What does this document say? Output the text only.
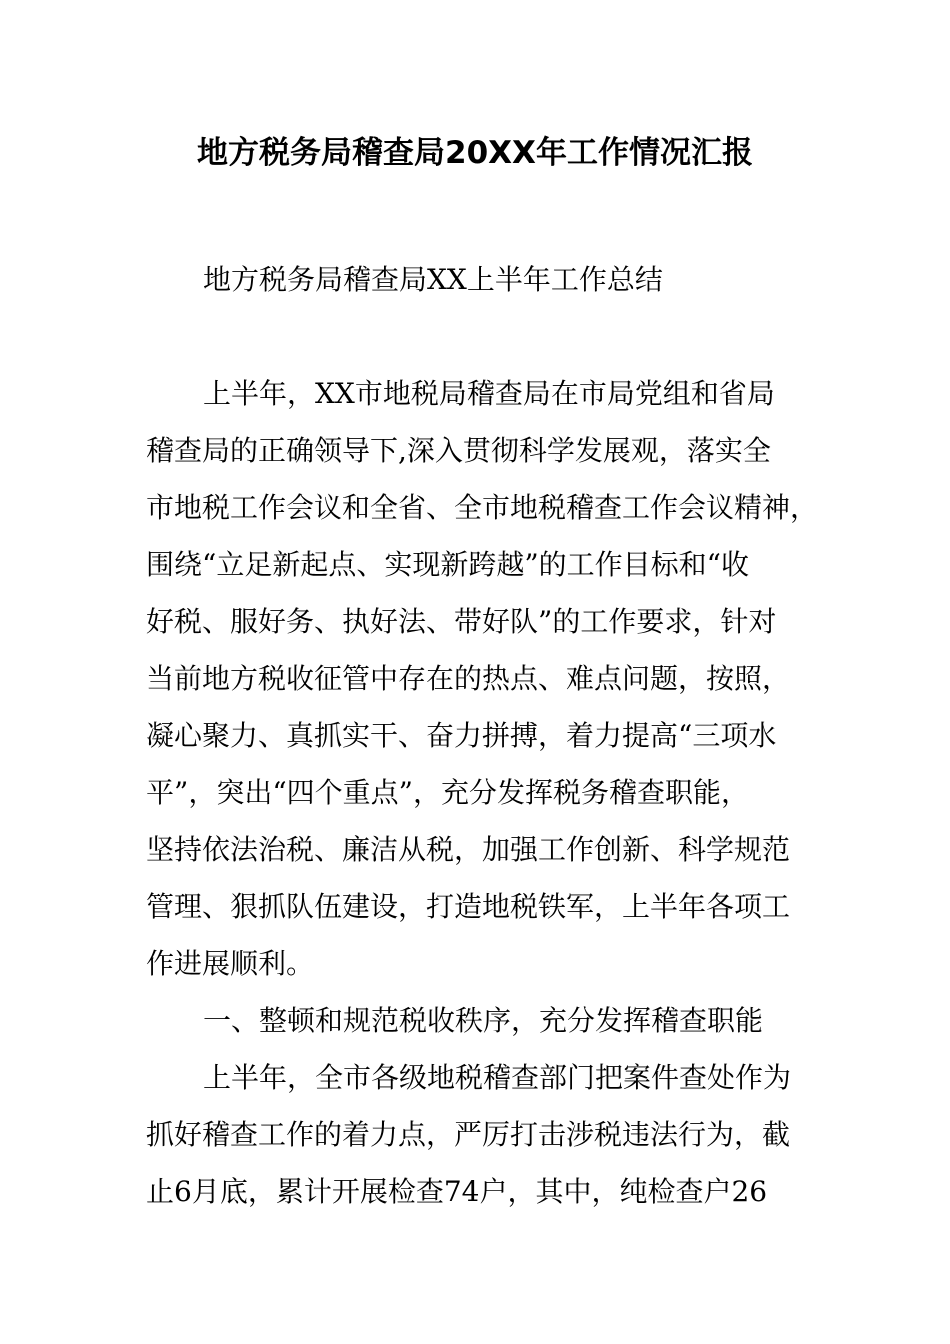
地方税务局稽查局20XX年工作情况汇报

地方税务局稽查局XX上半年工作总结

上半年，XX市地税局稽查局在市局党组和省局

稽查局的正确领导下,深入贯彻科学发展观，落实全

市地税工作会议和全省、全市地税稽查工作会议精神，

围绕“立足新起点、实现新跨越”的工作目标和“收

好税、服好务、执好法、带好队”的工作要求，针对

当前地方税收征管中存在的热点、难点问题，按照，

凝心聚力、真抓实干、奋力拼搏，着力提高“三项水

平”，突出“四个重点”，充分发挥税务稽查职能，

坚持依法治税、廉洁从税，加强工作创新、科学规范

管理、狠抓队伍建设，打造地税铁军，上半年各项工

作进展顺利。

一、整顿和规范税收秩序，充分发挥稽查职能

上半年，全市各级地税稽查部门把案件查处作为

抓好稽查工作的着力点，严厉打击涉税违法行为，截

止6月底，累计开展检查74户，其中，纯检查户26
